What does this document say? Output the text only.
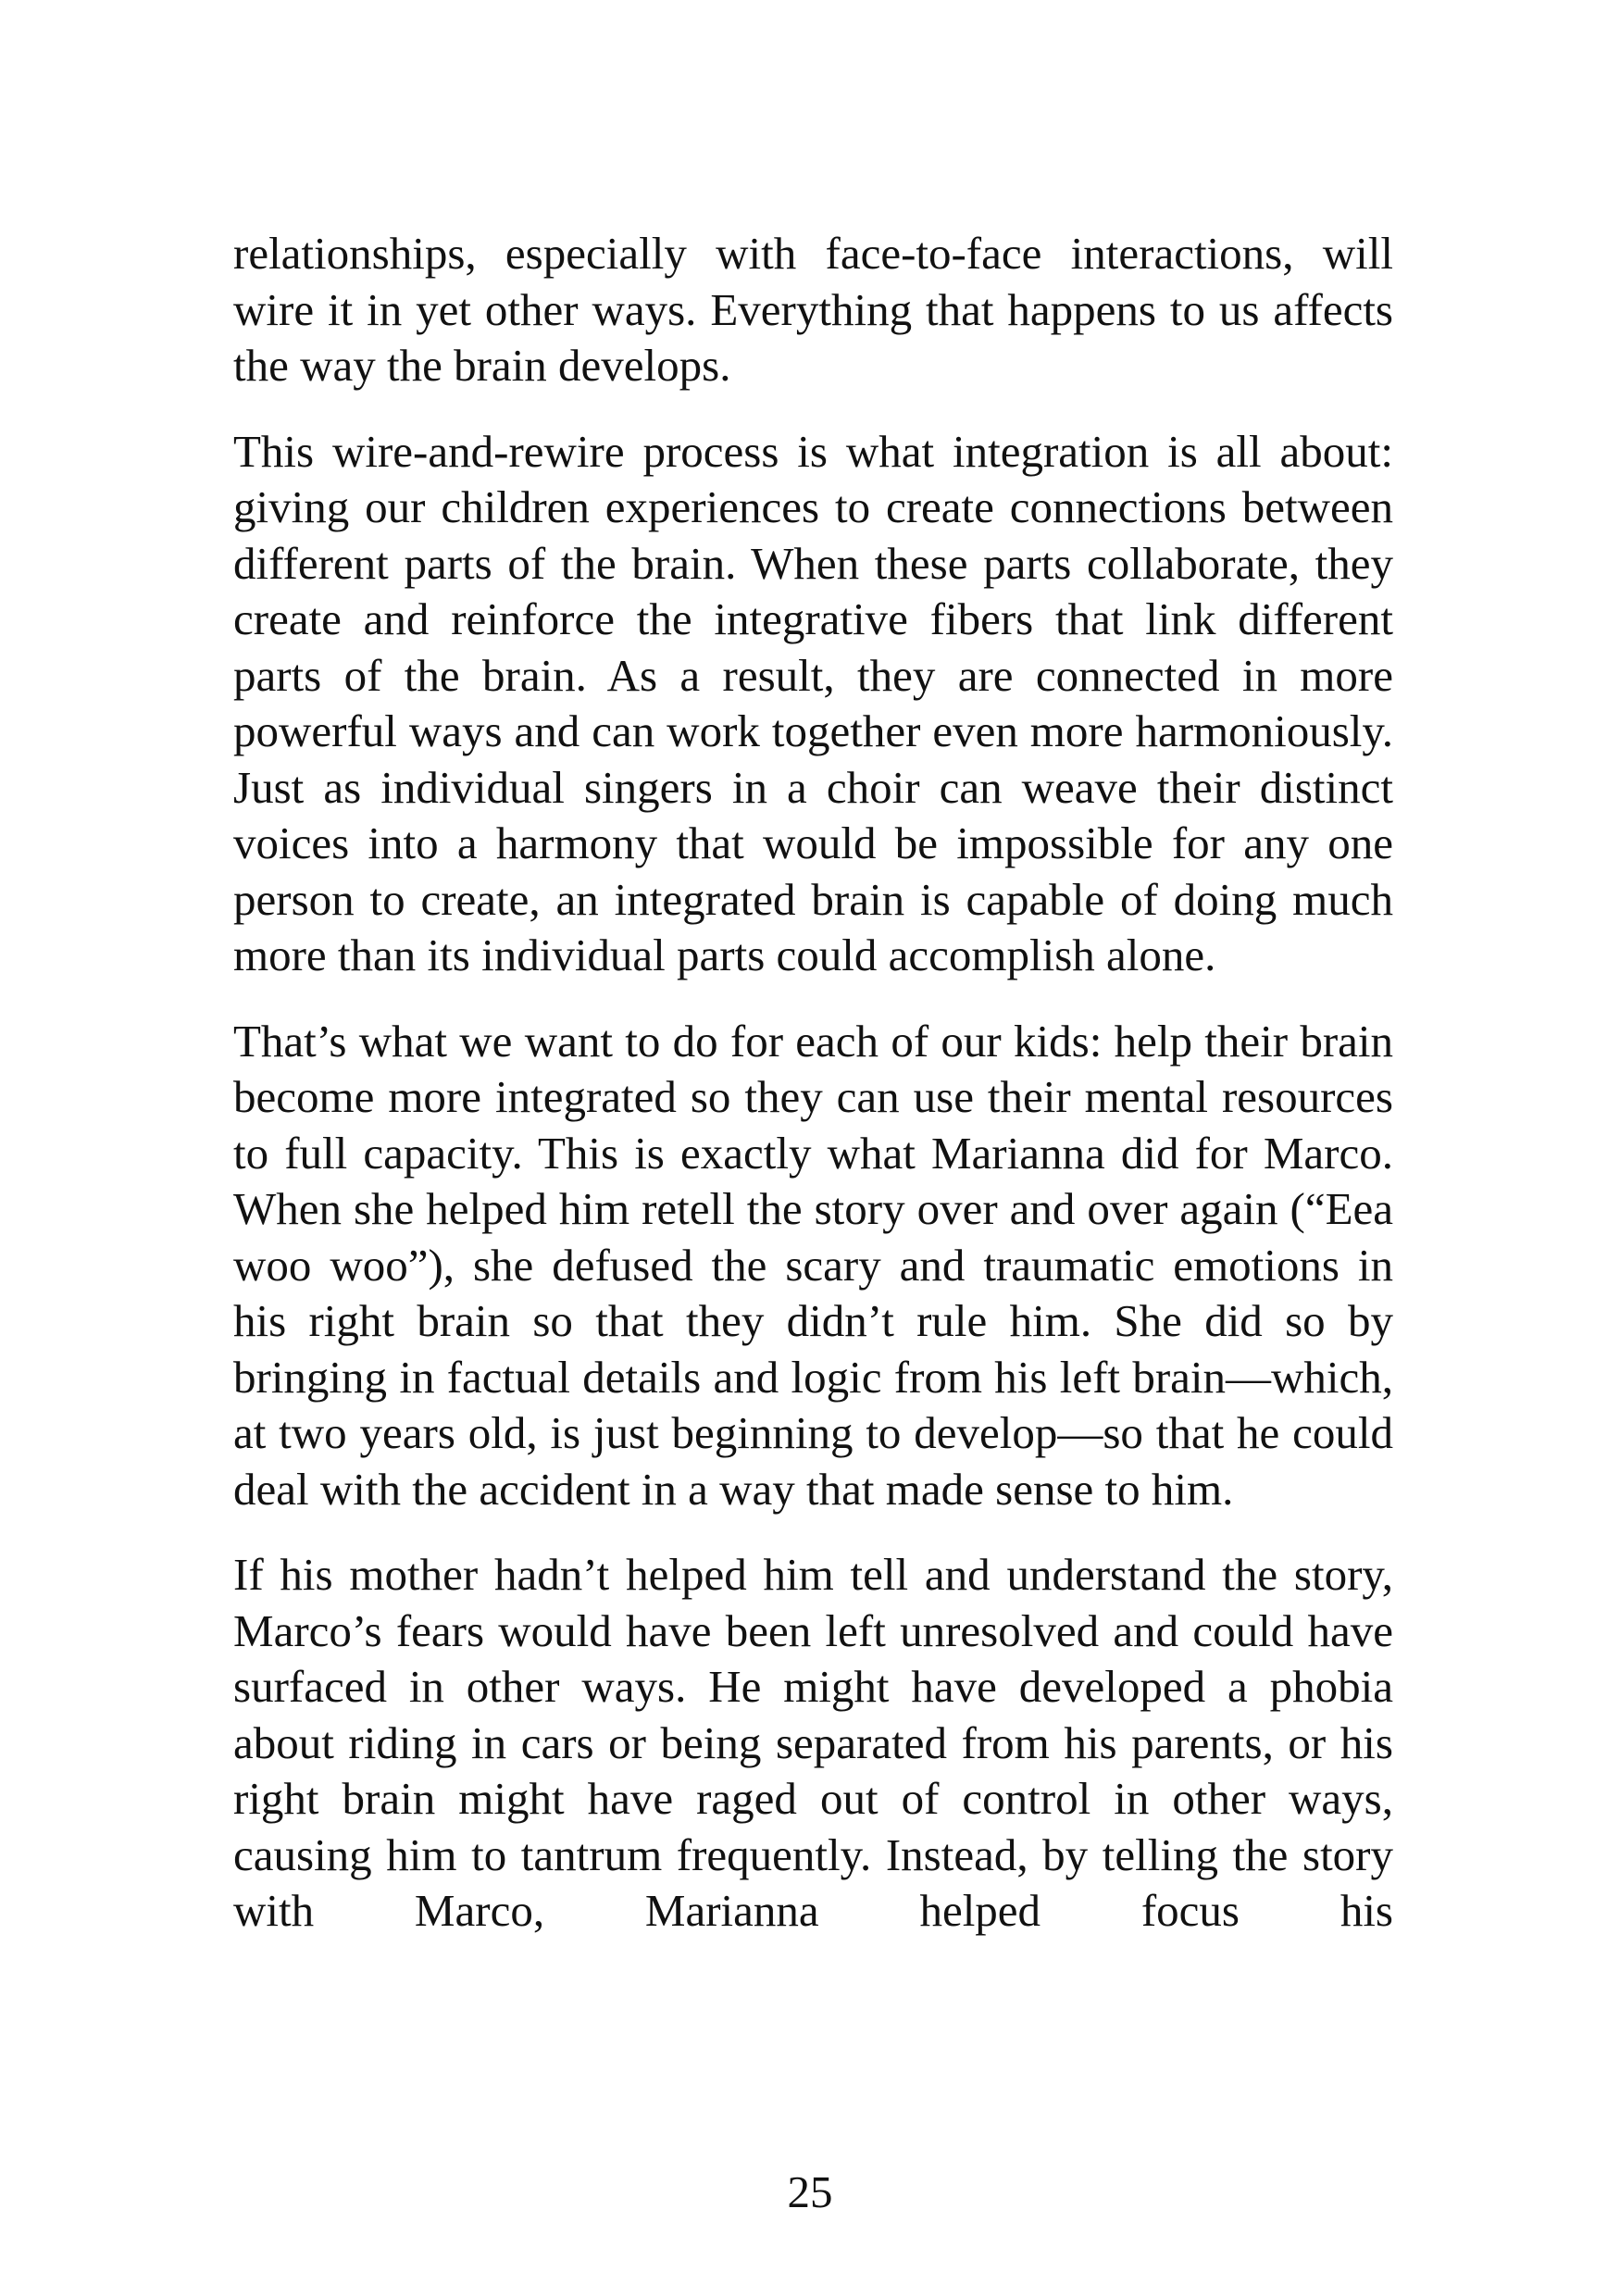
relationships, especially with face-to-face interactions, will wire it in yet other ways. Everything that happens to us affects the way the brain develops.

This wire-and-rewire process is what integration is all about: giving our children experiences to create connections between different parts of the brain. When these parts collaborate, they create and reinforce the integrative fibers that link different parts of the brain. As a result, they are connected in more powerful ways and can work together even more harmoniously. Just as individual singers in a choir can weave their distinct voices into a harmony that would be impossible for any one person to create, an integrated brain is capable of doing much more than its individual parts could accomplish alone.

That’s what we want to do for each of our kids: help their brain become more integrated so they can use their mental resources to full capacity. This is exactly what Marianna did for Marco. When she helped him retell the story over and over again (“Eea woo woo”), she defused the scary and traumatic emotions in his right brain so that they didn’t rule him. She did so by bringing in factual details and logic from his left brain—which, at two years old, is just beginning to develop—so that he could deal with the accident in a way that made sense to him.

If his mother hadn’t helped him tell and understand the story, Marco’s fears would have been left unresolved and could have surfaced in other ways. He might have developed a phobia about riding in cars or being separated from his parents, or his right brain might have raged out of control in other ways, causing him to tantrum frequently. Instead, by telling the story with Marco, Marianna helped focus his

25
